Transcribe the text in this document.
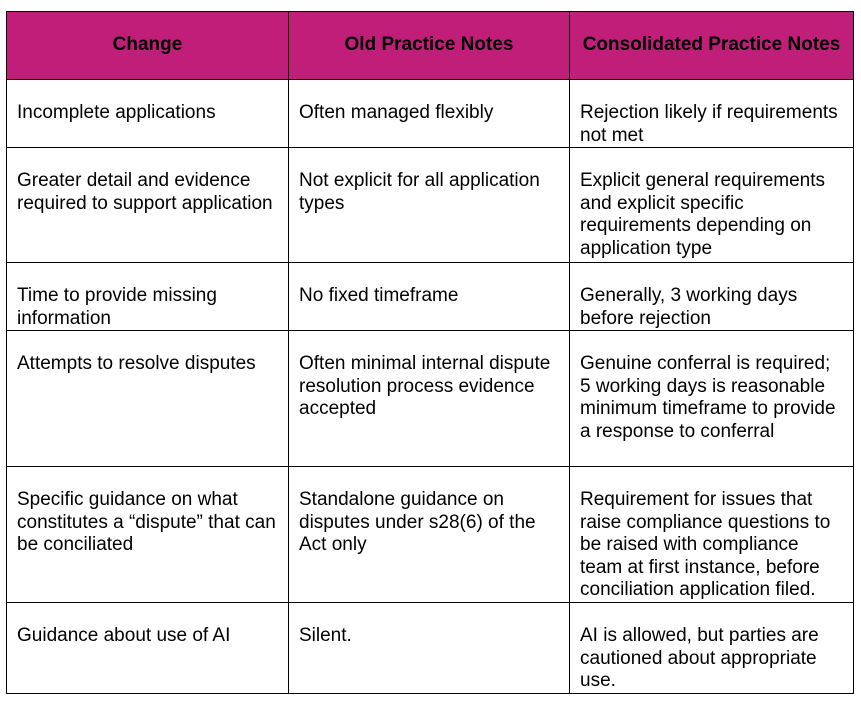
Change	Old Practice Notes	Consolidated Practice Notes
Incomplete applications	Often managed flexibly	Rejection likely if requirements not met
Greater detail and evidence required to support application	Not explicit for all application types	Explicit general requirements and explicit specific requirements depending on application type
Time to provide missing information	No fixed timeframe	Generally, 3 working days before rejection
Attempts to resolve disputes	Often minimal internal dispute resolution process evidence accepted	Genuine conferral is required; 5 working days is reasonable minimum timeframe to provide a response to conferral
Specific guidance on what constitutes a “dispute” that can be conciliated	Standalone guidance on disputes under s28(6) of the Act only	Requirement for issues that raise compliance questions to be raised with compliance team at first instance, before conciliation application filed.
Guidance about use of AI	Silent.	AI is allowed, but parties are cautioned about appropriate use.
